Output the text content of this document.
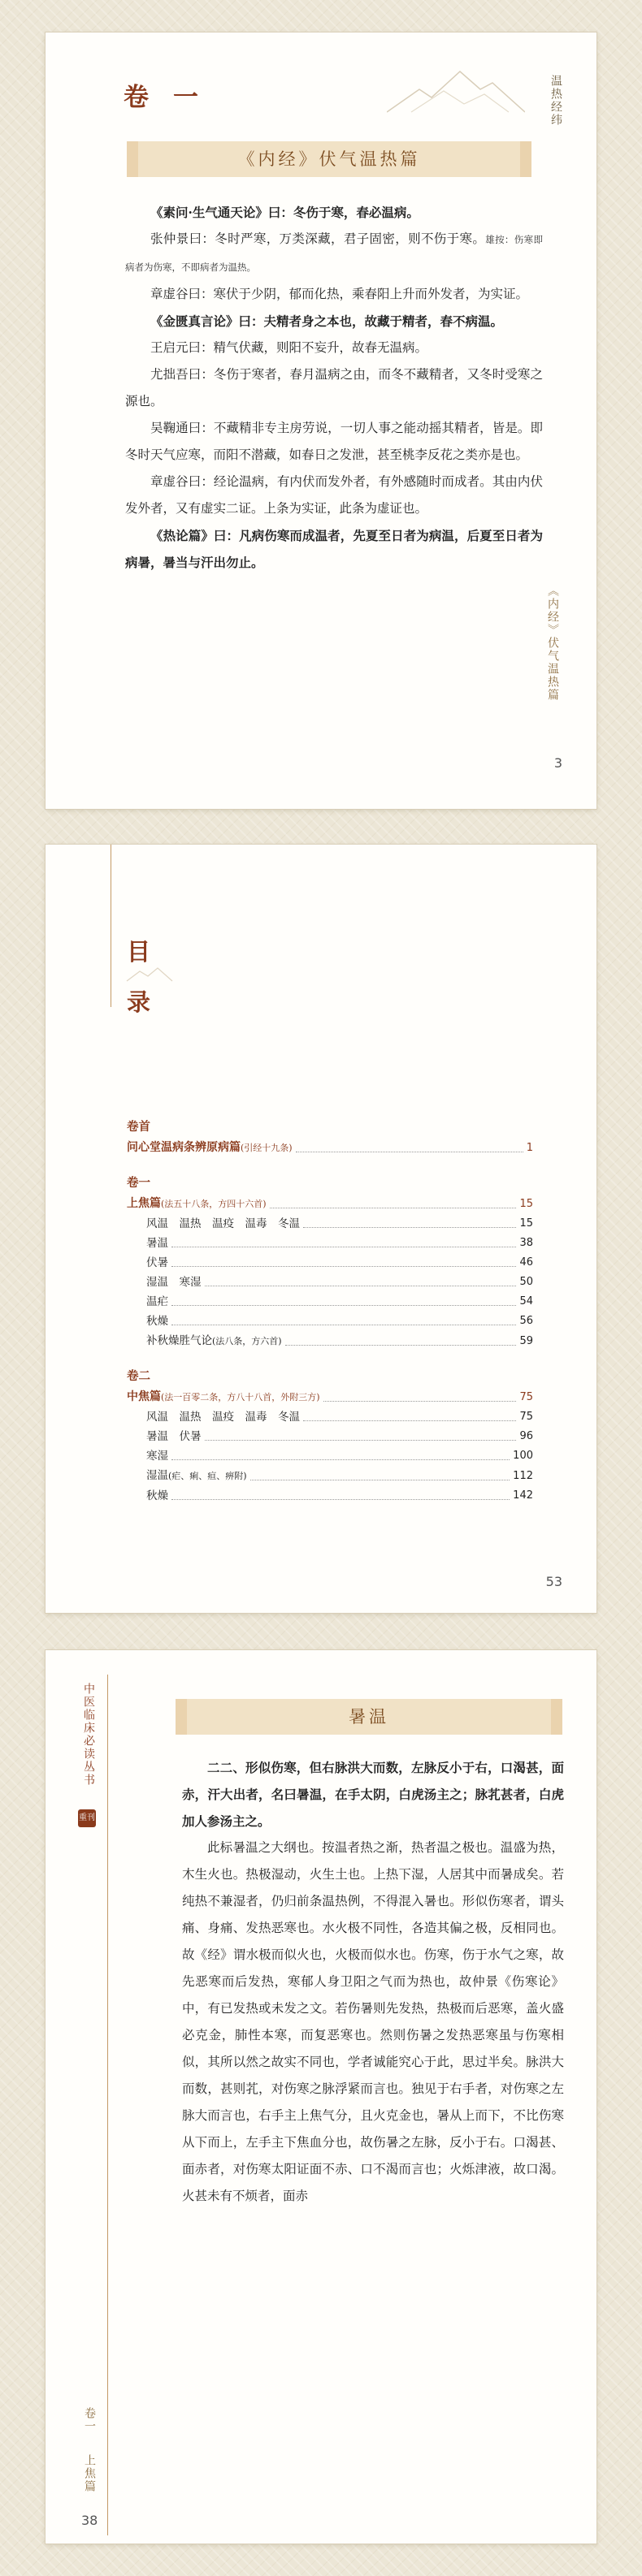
卷一	温热经纬
《内经》伏气温热篇

《素问·生气通天论》曰：冬伤于寒，春必温病。

张仲景曰：冬时严寒，万类深藏，君子固密，则不伤于寒。雄按：伤寒即病者为伤寒，不即病者为温热。

章虚谷曰：寒伏于少阴，郁而化热，乘春阳上升而外发者，为实证。

《金匮真言论》曰：夫精者身之本也，故藏于精者，春不病温。

王启元曰：精气伏藏，则阳不妄升，故春无温病。

尤拙吾曰：冬伤于寒者，春月温病之由，而冬不藏精者，又冬时受寒之源也。

吴鞠通曰：不藏精非专主房劳说，一切人事之能动摇其精者，皆是。即冬时天气应寒，而阳不潜藏，如春日之发泄，甚至桃李反花之类亦是也。

章虚谷曰：经论温病，有内伏而发外者，有外感随时而成者。其由内伏发外者，又有虚实二证。上条为实证，此条为虚证也。

《热论篇》曰：凡病伤寒而成温者，先夏至日者为病温，后夏至日者为病暑，暑当与汗出勿止。

《内经》伏气温热篇
3
目
录
卷首
问心堂温病条辨原病篇(引经十九条)	1
卷一
上焦篇(法五十八条，方四十六首)	15
风温　温热　温疫　温毒　冬温	15
暑温	38
伏暑	46
湿温　寒湿	50
温疟	54
秋燥	56
补秋燥胜气论(法八条，方六首)	59
卷二
中焦篇(法一百零二条，方八十八首，外附三方)	75
风温　温热　温疫　温毒　冬温	75
暑温　伏暑	96
寒湿	100
湿温(疟、痢、疸、痹附)	112
秋燥	142
53
中医临床必读丛书
重刊
暑温

二二、形似伤寒，但右脉洪大而数，左脉反小于右，口渴甚，面赤，汗大出者，名曰暑温，在手太阴，白虎汤主之；脉芤甚者，白虎加人参汤主之。

此标暑温之大纲也。按温者热之渐，热者温之极也。温盛为热，木生火也。热极湿动，火生土也。上热下湿，人居其中而暑成矣。若纯热不兼湿者，仍归前条温热例，不得混入暑也。形似伤寒者，谓头痛、身痛、发热恶寒也。水火极不同性，各造其偏之极，反相同也。故《经》谓水极而似火也，火极而似水也。伤寒，伤于水气之寒，故先恶寒而后发热，寒郁人身卫阳之气而为热也，故仲景《伤寒论》中，有已发热或未发之文。若伤暑则先发热，热极而后恶寒，盖火盛必克金，肺性本寒，而复恶寒也。然则伤暑之发热恶寒虽与伤寒相似，其所以然之故实不同也，学者诚能究心于此，思过半矣。脉洪大而数，甚则芤，对伤寒之脉浮紧而言也。独见于右手者，对伤寒之左脉大而言也，右手主上焦气分，且火克金也，暑从上而下，不比伤寒从下而上，左手主下焦血分也，故伤暑之左脉，反小于右。口渴甚、面赤者，对伤寒太阳证面不赤、口不渴而言也；火烁津液，故口渴。火甚未有不烦者，面赤

卷一
上焦篇
38
